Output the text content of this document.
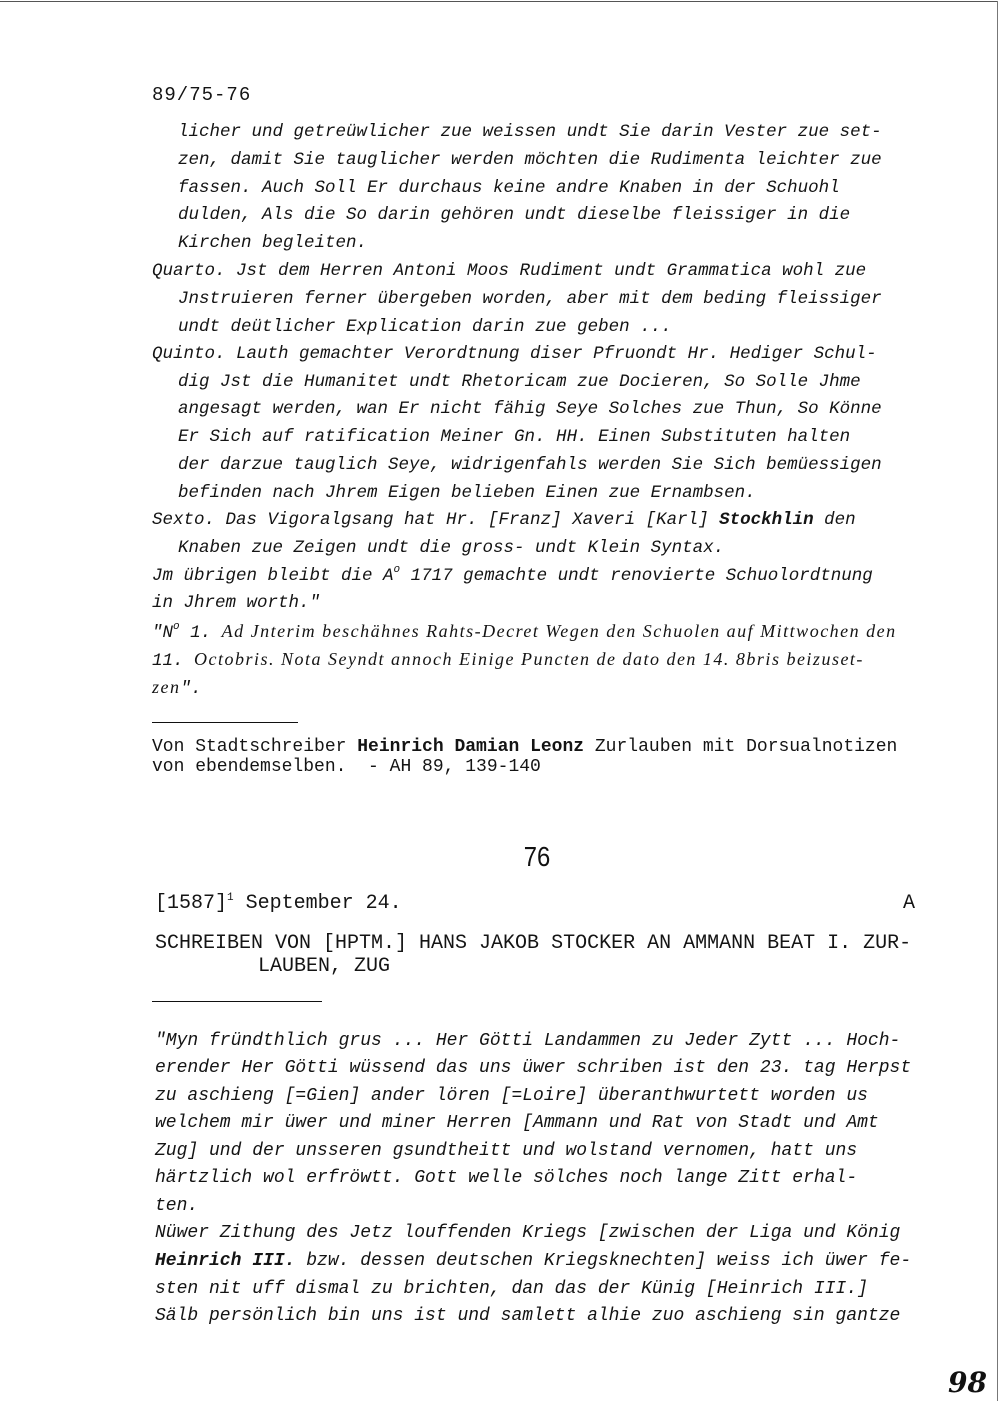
89/75-76
licher und getreüwlicher zue weissen undt Sie darin Vester zue set-
zen, damit Sie tauglicher werden möchten die Rudimenta leichter zue
fassen. Auch Soll Er durchaus keine andre Knaben in der Schuohl
dulden, Als die So darin gehören undt dieselbe fleissiger in die
Kirchen begleiten.
Quarto. Jst dem Herren Antoni Moos Rudiment undt Grammatica wohl zue
Jnstruieren ferner übergeben worden, aber mit dem beding fleissiger
undt deütlicher Explication darin zue geben ...
Quinto. Lauth gemachter Verordtnung diser Pfruondt Hr. Hediger Schul-
dig Jst die Humanitet undt Rhetoricam zue Docieren, So Solle Jhme
angesagt werden, wan Er nicht fähig Seye Solches zue Thun, So Könne
Er Sich auf ratification Meiner Gn. HH. Einen Substituten halten
der darzue tauglich Seye, widrigenfahls werden Sie Sich bemüessigen
befinden nach Jhrem Eigen belieben Einen zue Ernambsen.
Sexto. Das Vigoralgsang hat Hr. [Franz] Xaveri [Karl] Stockhlin den
Knaben zue Zeigen undt die gross- undt Klein Syntax.
Jm übrigen bleibt die $A^o$ 1717 gemachte undt renovierte Schuolordtnung
in Jhrem worth."
"$N^o$ 1. Ad Jnterim beschähnes Rahts-Decret Wegen den Schuolen auf Mittwochen den
11. Octobris. Nota Seyndt annoch Einige Puncten de dato den 14. 8bris beizuset-
zen".
Von Stadtschreiber Heinrich Damian Leonz Zurlauben mit Dorsualnotizen
von ebendemselben.  - AH 89, 139-140
76
$[1587]^1$ September 24.	A
SCHREIBEN VON [HPTM.] HANS JAKOB STOCKER AN AMMANN BEAT I. ZUR-
LAUBEN, ZUG
"Myn fründthlich grus ... Her Götti Landammen zu Jeder Zytt ... Hoch-
erender Her Götti wüssend das uns üwer schriben ist den 23. tag Herpst
zu aschieng [=Gien] ander lören [=Loire] überanthwurtett worden us
welchem mir üwer und miner Herren [Ammann und Rat von Stadt und Amt
Zug] und der unsseren gsundtheitt und wolstand vernomen, hatt uns
härtzlich wol erfröwtt. Gott welle sölches noch lange Zitt erhal-
ten.
Nüwer Zithung des Jetz louffenden Kriegs [zwischen der Liga und König
Heinrich III. bzw. dessen deutschen Kriegsknechten] weiss ich üwer fe-
sten nit uff dismal zu brichten, dan das der Künig [Heinrich III.]
Sälb persönlich bin uns ist und samlett alhie zuo aschieng sin gantze
98
